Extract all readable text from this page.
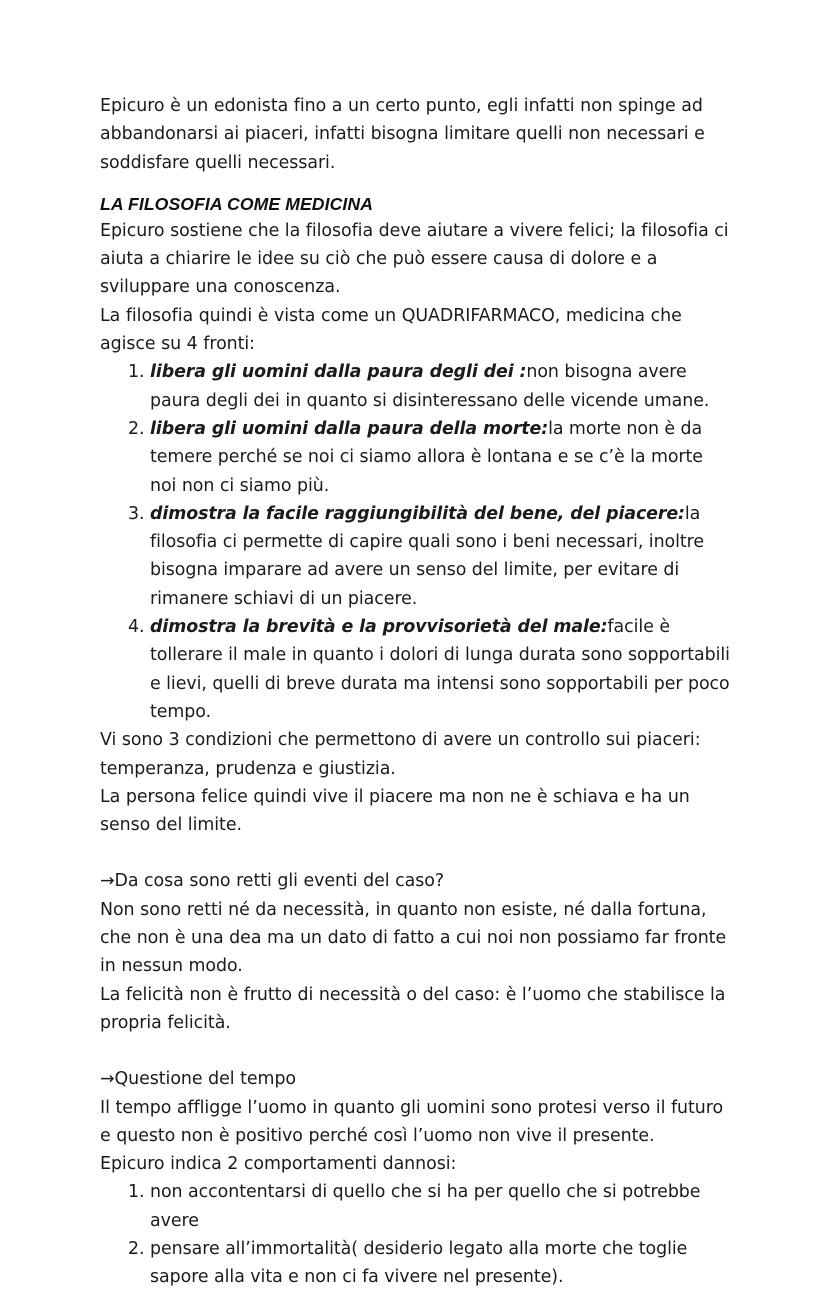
Epicuro è un edonista fino a un certo punto, egli infatti non spinge ad abbandonarsi ai piaceri, infatti bisogna limitare quelli non necessari e soddisfare quelli necessari.

LA FILOSOFIA COME MEDICINA

Epicuro sostiene che la filosofia deve aiutare a vivere felici; la filosofia ci aiuta a chiarire le idee su ciò che può essere causa di dolore e a sviluppare una conoscenza.

La filosofia quindi è vista come un QUADRIFARMACO, medicina che agisce su 4 fronti:

1. libera gli uomini dalla paura degli dei :non bisogna avere paura degli dei in quanto si disinteressano delle vicende umane.
2. libera gli uomini dalla paura della morte:la morte non è da temere perché se noi ci siamo allora è lontana e se c’è la morte noi non ci siamo più.
3. dimostra la facile raggiungibilità del bene, del piacere:la filosofia ci permette di capire quali sono i beni necessari, inoltre bisogna imparare ad avere un senso del limite, per evitare di rimanere schiavi di un piacere.
4. dimostra la brevità e la provvisorietà del male:facile è tollerare il male in quanto i dolori di lunga durata sono sopportabili e lievi, quelli di breve durata ma intensi sono sopportabili per poco tempo.

Vi sono 3 condizioni che permettono di avere un controllo sui piaceri: temperanza, prudenza e giustizia.

La persona felice quindi vive il piacere ma non ne è schiava e ha un senso del limite.

→Da cosa sono retti gli eventi del caso?

Non sono retti né da necessità, in quanto non esiste, né dalla fortuna, che non è una dea ma un dato di fatto a cui noi non possiamo far fronte in nessun modo.

La felicità non è frutto di necessità o del caso: è l’uomo che stabilisce la propria felicità.

→Questione del tempo

Il tempo affligge l’uomo in quanto gli uomini sono protesi verso il futuro e questo non è positivo perché così l’uomo non vive il presente.

Epicuro indica 2 comportamenti dannosi:

1. non accontentarsi di quello che si ha per quello che si potrebbe avere
2. pensare all’immortalità( desiderio legato alla morte che toglie sapore alla vita e non ci fa vivere nel presente).
